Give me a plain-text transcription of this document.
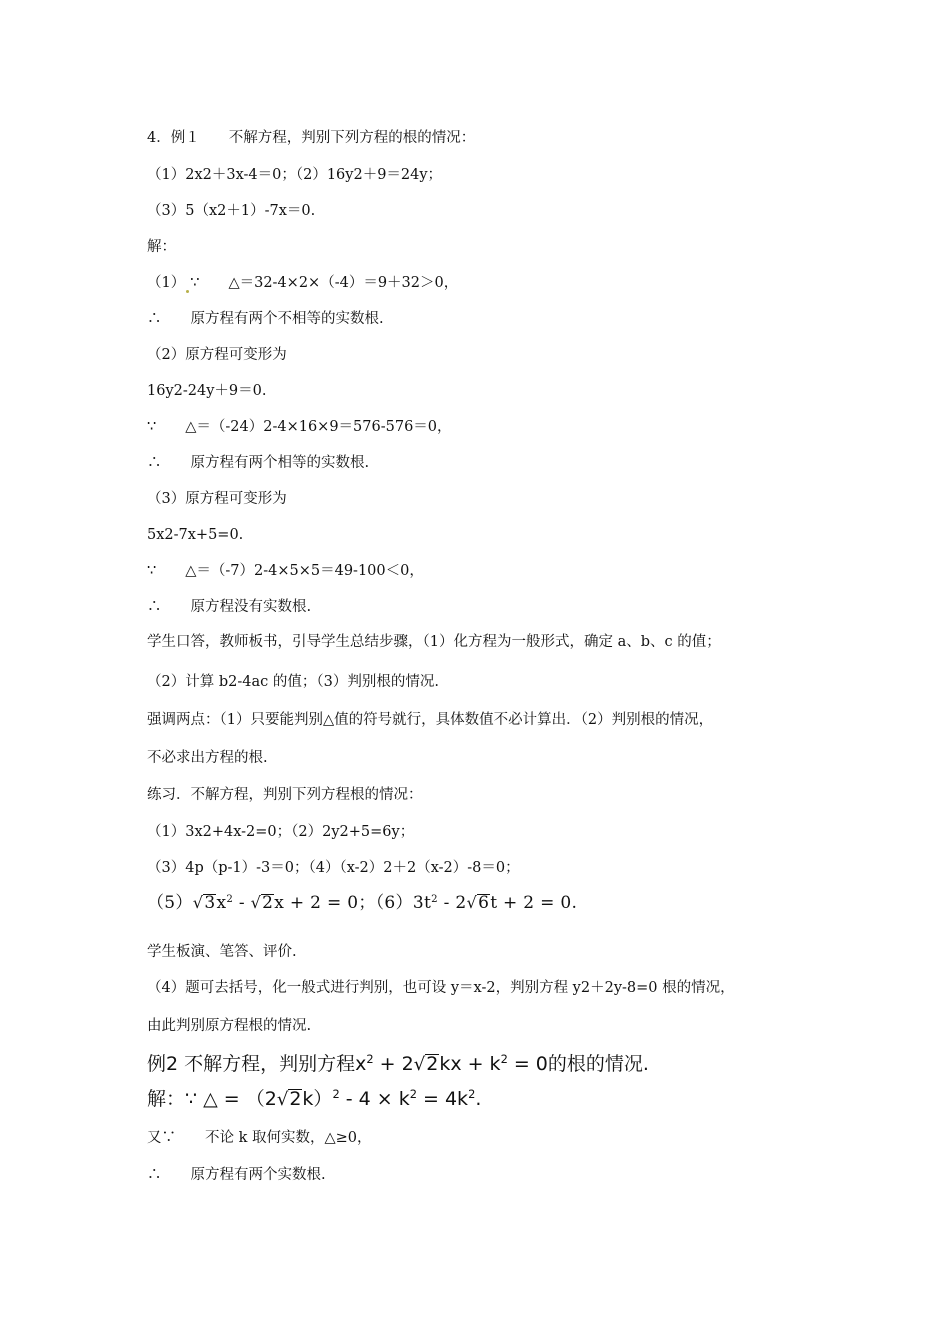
4．例１　　不解方程，判别下列方程的根的情况：
（1）2x2＋3x-4＝0；（2）16y2＋9＝24y；
（3）5（x2＋1）-7x＝0.
解：
（1） ∵　　△＝32-4×2×（-4）＝9＋32＞0，
∴　　原方程有两个不相等的实数根.
（2）原方程可变形为
16y2-24y＋9＝0.
∵　　△＝（-24）2-4×16×9＝576-576＝0，
∴　　原方程有两个相等的实数根.
（3）原方程可变形为
5x2-7x+5=0.
∵　　△＝（-7）2-4×5×5＝49-100＜0，
∴　　原方程没有实数根.
学生口答，教师板书，引导学生总结步骤，（1）化方程为一般形式，确定 a、b、c 的值；
（2）计算 b2-4ac 的值；（3）判别根的情况.
强调两点：（1）只要能判别△值的符号就行，具体数值不必计算出．（2）判别根的情况，
不必求出方程的根.
练习．不解方程，判别下列方程根的情况：
（1）3x2+4x-2=0；（2）2y2+5=6y；
（3）4p（p-1）-3＝0；（4）（x-2）2＋2（x-2）-8＝0；
$(5)√3x^2 - √2x + 2 = 0$；$(6)3t^2 - 2√6t + 2 = 0$.
学生板演、笔答、评价.
（4）题可去括号，化一般式进行判别，也可设 y＝x-2，判别方程 y2＋2y-8=0 根的情况，
由此判别原方程根的情况.
例2 不解方程，判别方程$x^2 + 2√2kx + k^2 = 0$的根的情况.
解：∵ △ = $(2√2k)^2 - 4 \times k^2 = 4k^2$.
又∵　　不论 k 取何实数，△≥0，
∴　　原方程有两个实数根.
